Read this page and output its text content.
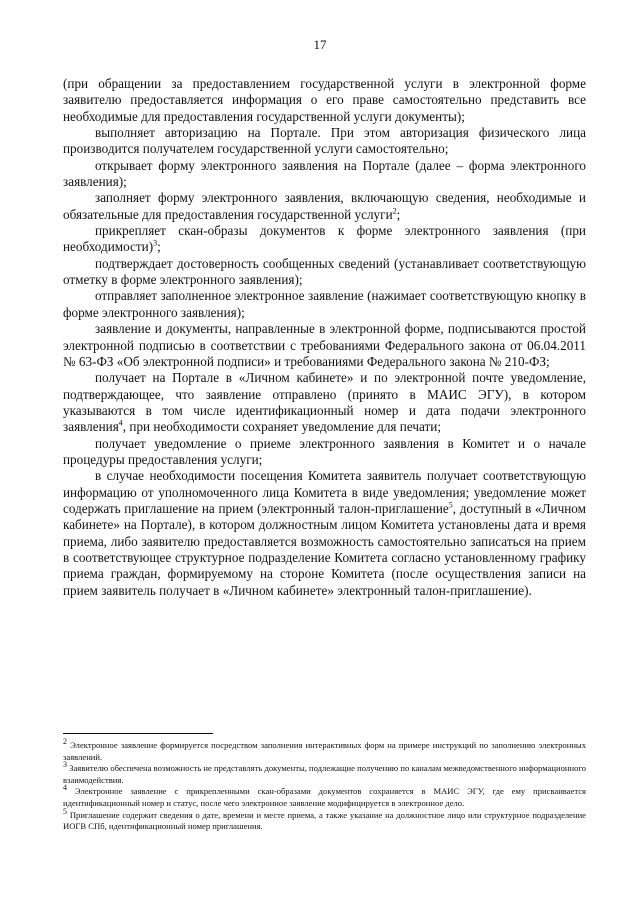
17

(при обращении за предоставлением государственной услуги в электронной форме заявителю предоставляется информация о его праве самостоятельно представить все необходимые для предоставления государственной услуги документы);

выполняет авторизацию на Портале. При этом авторизация физического лица производится получателем государственной услуги самостоятельно;

открывает форму электронного заявления на Портале (далее – форма электронного заявления);

заполняет форму электронного заявления, включающую сведения, необходимые и обязательные для предоставления государственной услуги$^2$;

прикрепляет скан-образы документов к форме электронного заявления (при необходимости)$^3$;

подтверждает достоверность сообщенных сведений (устанавливает соответствующую отметку в форме электронного заявления);

отправляет заполненное электронное заявление (нажимает соответствующую кнопку в форме электронного заявления);

заявление и документы, направленные в электронной форме, подписываются простой электронной подписью в соответствии с требованиями Федерального закона от 06.04.2011 № 63-ФЗ «Об электронной подписи» и требованиями Федерального закона № 210-ФЗ;

получает на Портале в «Личном кабинете» и по электронной почте уведомление, подтверждающее, что заявление отправлено (принято в МАИС ЭГУ), в котором указываются в том числе идентификационный номер и дата подачи электронного заявления$^4$, при необходимости сохраняет уведомление для печати;

получает уведомление о приеме электронного заявления в Комитет и о начале процедуры предоставления услуги;

в случае необходимости посещения Комитета заявитель получает соответствующую информацию от уполномоченного лица Комитета в виде уведомления; уведомление может содержать приглашение на прием (электронный талон-приглашение$^5$, доступный в «Личном кабинете» на Портале), в котором должностным лицом Комитета установлены дата и время приема, либо заявителю предоставляется возможность самостоятельно записаться на прием в соответствующее структурное подразделение Комитета согласно установленному графику приема граждан, формируемому на стороне Комитета (после осуществления записи на прием заявитель получает в «Личном кабинете» электронный талон-приглашение).

$^2$ Электронное заявление формируется посредством заполнения интерактивных форм на примере инструкций по заполнению электронных заявлений.

$^3$ Заявителю обеспечена возможность не представлять документы, подлежащие получению по каналам межведомственного информационного взаимодействия.

$^4$ Электронное заявление с прикрепленными скан-образами документов сохраняется в МАИС ЭГУ, где ему присваивается идентификационный номер и статус, после чего электронное заявление модифицируется в электронное дело.

$^5$ Приглашение содержит сведения о дате, времени и месте приема, а также указание на должностное лицо или структурное подразделение ИОГВ СПб, идентификационный номер приглашения.
